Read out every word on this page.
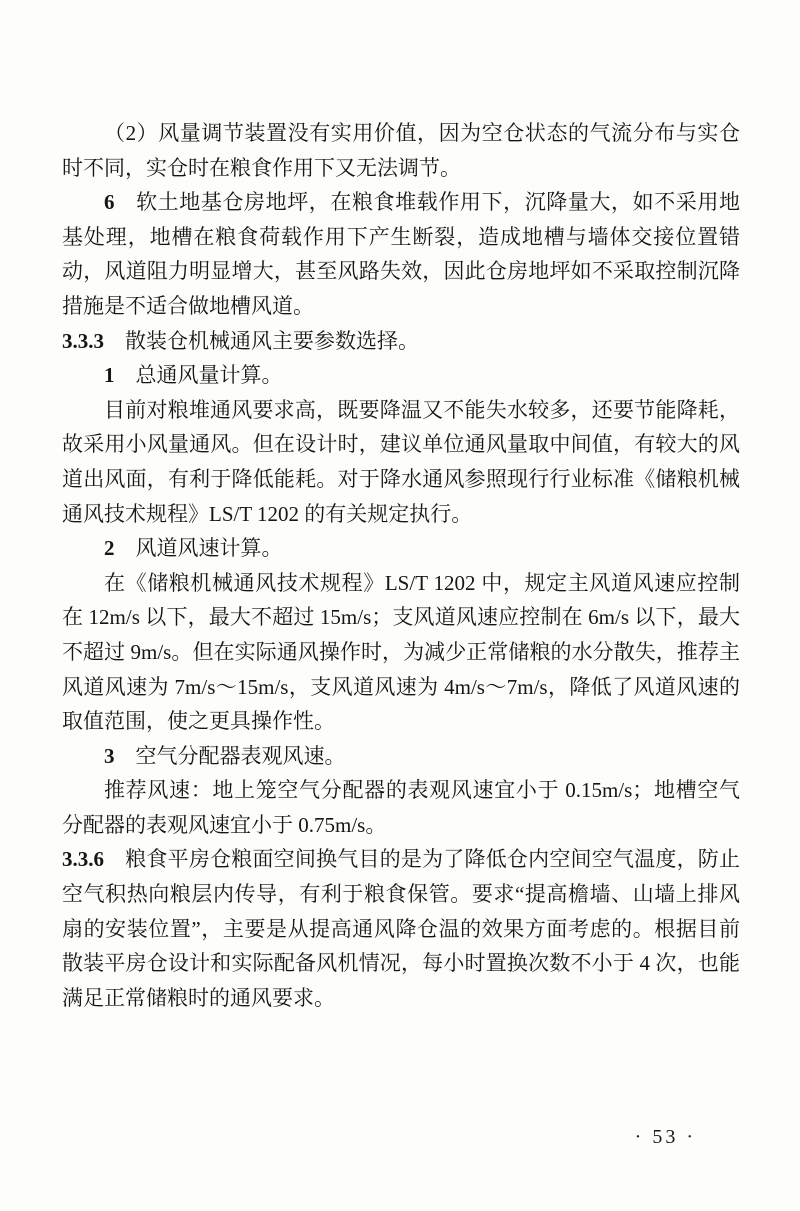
（2）风量调节装置没有实用价值，因为空仓状态的气流分布与实仓时不同，实仓时在粮食作用下又无法调节。

6 软土地基仓房地坪，在粮食堆载作用下，沉降量大，如不采用地基处理，地槽在粮食荷载作用下产生断裂，造成地槽与墙体交接位置错动，风道阻力明显增大，甚至风路失效，因此仓房地坪如不采取控制沉降措施是不适合做地槽风道。

3.3.3 散装仓机械通风主要参数选择。

1 总通风量计算。

目前对粮堆通风要求高，既要降温又不能失水较多，还要节能降耗，故采用小风量通风。但在设计时，建议单位通风量取中间值，有较大的风道出风面，有利于降低能耗。对于降水通风参照现行行业标准《储粮机械通风技术规程》LS/T 1202 的有关规定执行。

2 风道风速计算。

在《储粮机械通风技术规程》LS/T 1202 中，规定主风道风速应控制在 12m/s 以下，最大不超过 15m/s；支风道风速应控制在 6m/s 以下，最大不超过 9m/s。但在实际通风操作时，为减少正常储粮的水分散失，推荐主风道风速为 7m/s～15m/s，支风道风速为 4m/s～7m/s，降低了风道风速的取值范围，使之更具操作性。

3 空气分配器表观风速。

推荐风速：地上笼空气分配器的表观风速宜小于 0.15m/s；地槽空气分配器的表观风速宜小于 0.75m/s。

3.3.6 粮食平房仓粮面空间换气目的是为了降低仓内空间空气温度，防止空气积热向粮层内传导，有利于粮食保管。要求“提高檐墙、山墙上排风扇的安装位置”，主要是从提高通风降仓温的效果方面考虑的。根据目前散装平房仓设计和实际配备风机情况，每小时置换次数不小于 4 次，也能满足正常储粮时的通风要求。

· 53 ·
